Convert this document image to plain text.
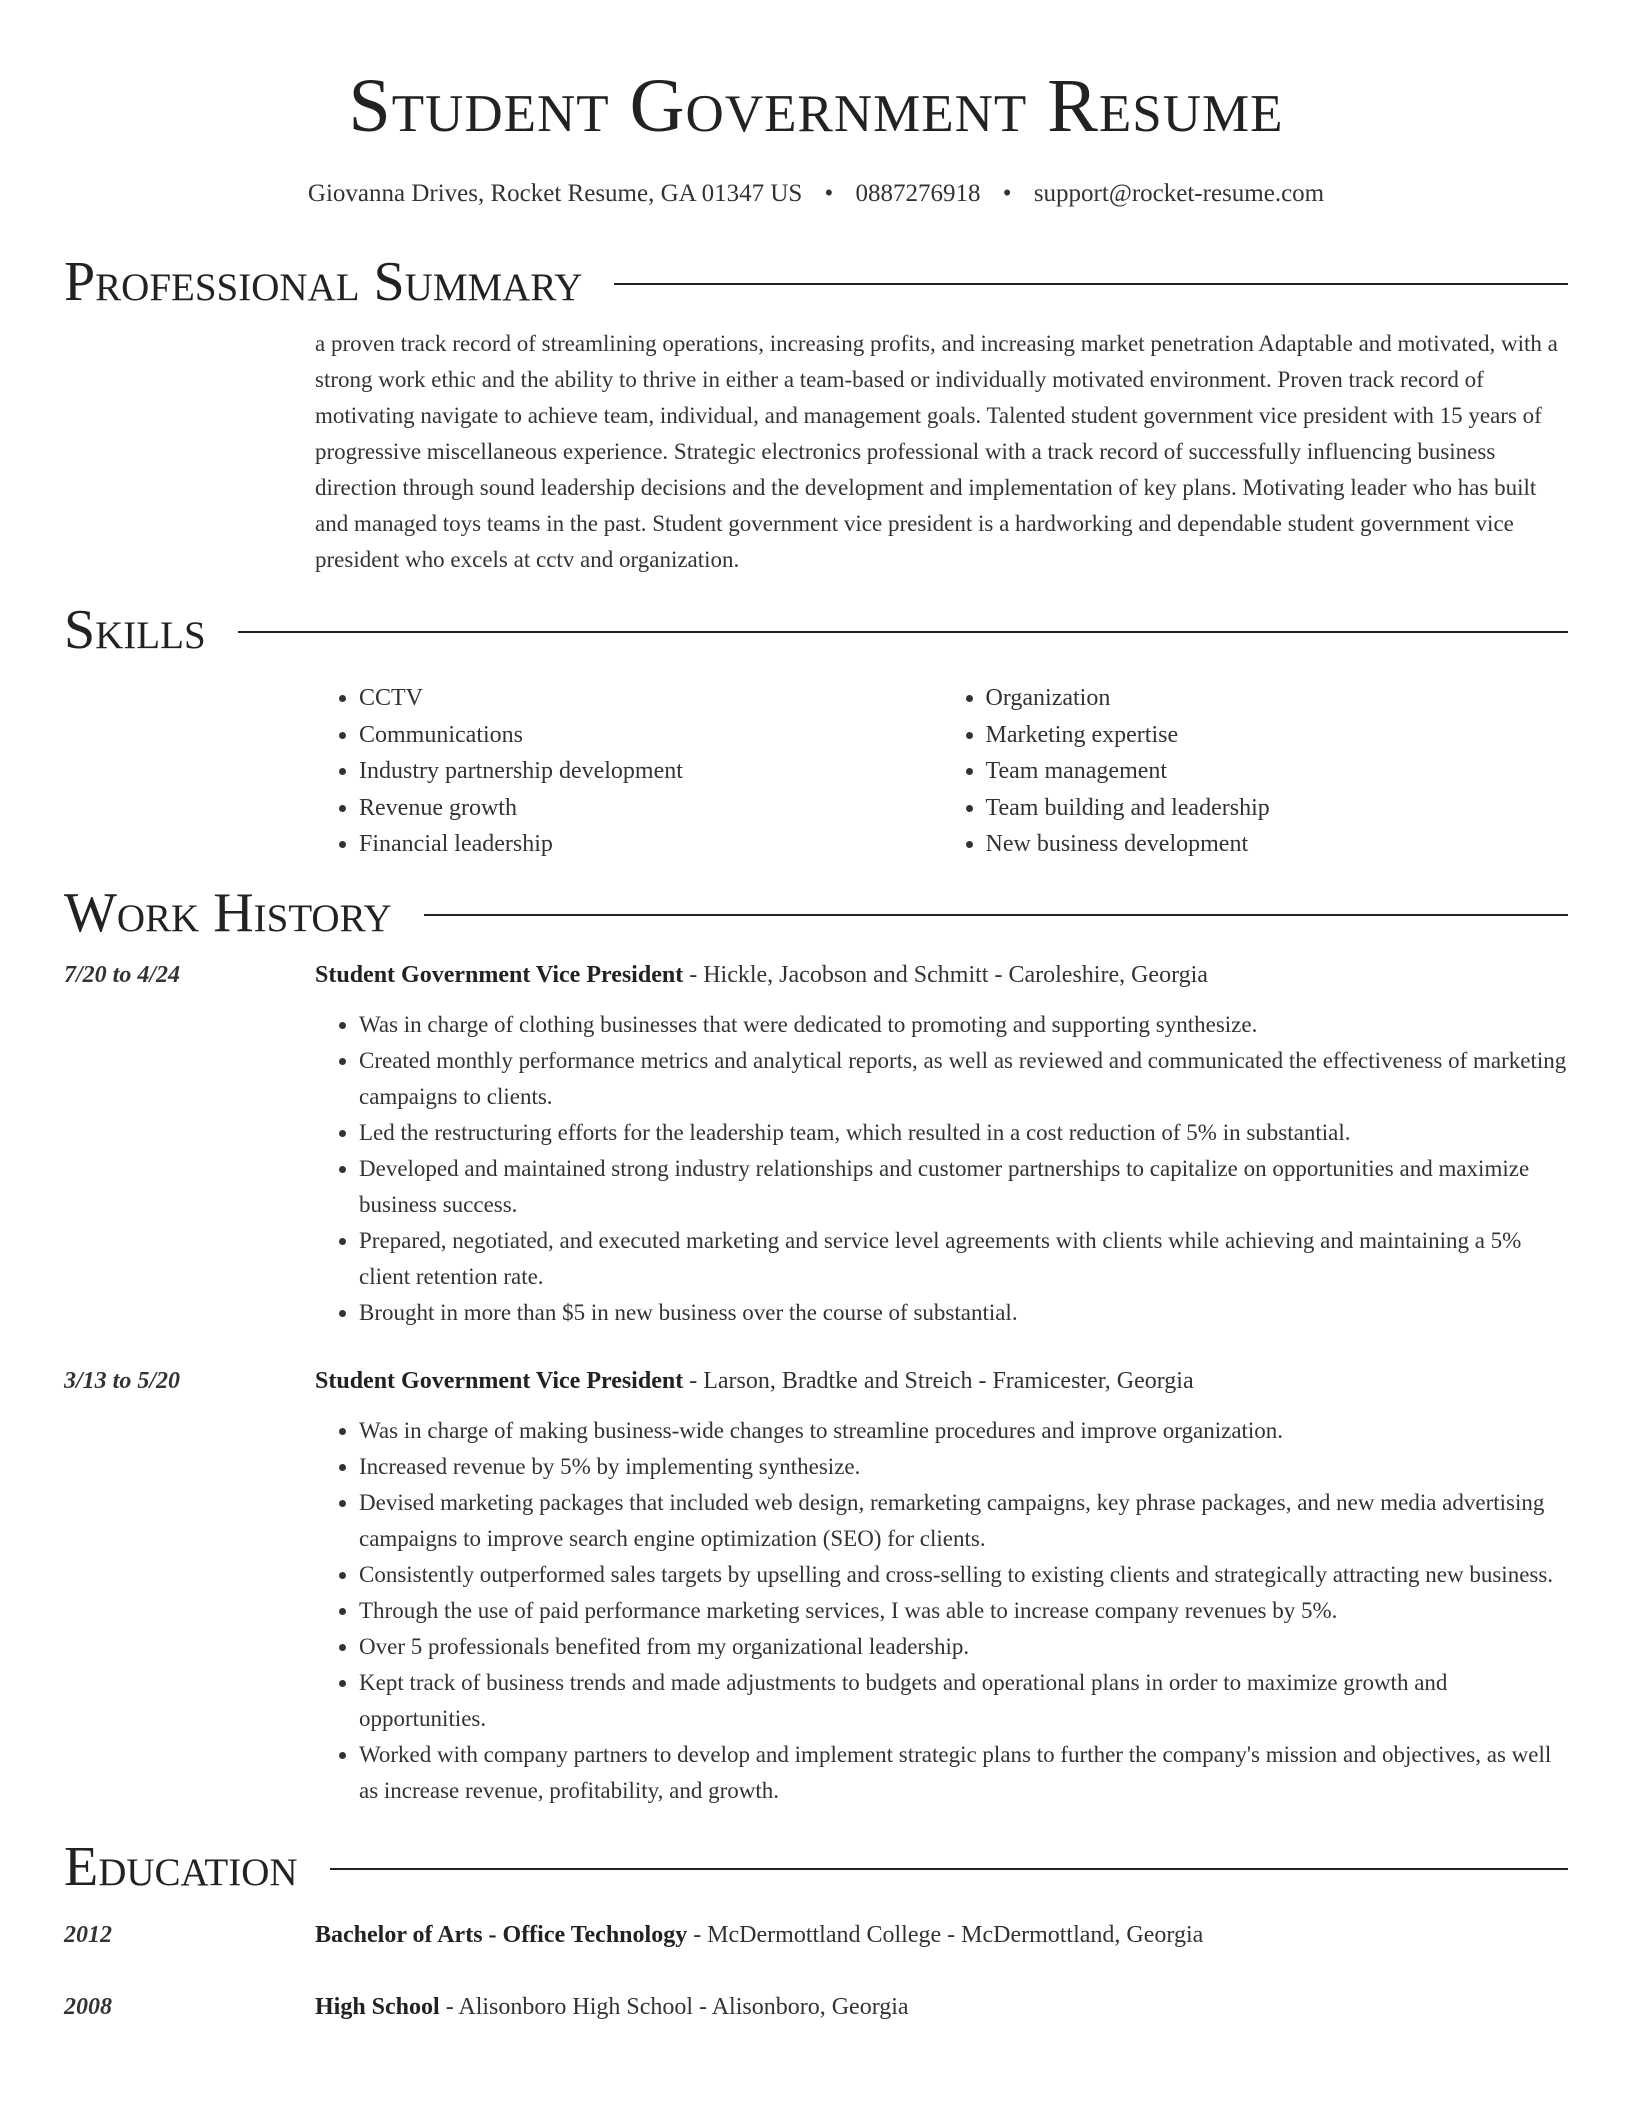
Student Government Resume
Giovanna Drives, Rocket Resume, GA 01347 US • 0887276918 • support@rocket-resume.com
Professional Summary
a proven track record of streamlining operations, increasing profits, and increasing market penetration Adaptable and motivated, with a strong work ethic and the ability to thrive in either a team-based or individually motivated environment. Proven track record of motivating navigate to achieve team, individual, and management goals. Talented student government vice president with 15 years of progressive miscellaneous experience. Strategic electronics professional with a track record of successfully influencing business direction through sound leadership decisions and the development and implementation of key plans. Motivating leader who has built and managed toys teams in the past. Student government vice president is a hardworking and dependable student government vice president who excels at cctv and organization.
Skills
• CCTV
• Communications
• Industry partnership development
• Revenue growth
• Financial leadership
• Organization
• Marketing expertise
• Team management
• Team building and leadership
• New business development
Work History
7/20 to 4/24	Student Government Vice President - Hickle, Jacobson and Schmitt - Caroleshire, Georgia
• Was in charge of clothing businesses that were dedicated to promoting and supporting synthesize.
• Created monthly performance metrics and analytical reports, as well as reviewed and communicated the effectiveness of marketing campaigns to clients.
• Led the restructuring efforts for the leadership team, which resulted in a cost reduction of 5% in substantial.
• Developed and maintained strong industry relationships and customer partnerships to capitalize on opportunities and maximize business success.
• Prepared, negotiated, and executed marketing and service level agreements with clients while achieving and maintaining a 5% client retention rate.
• Brought in more than $5 in new business over the course of substantial.
3/13 to 5/20	Student Government Vice President - Larson, Bradtke and Streich - Framicester, Georgia
• Was in charge of making business-wide changes to streamline procedures and improve organization.
• Increased revenue by 5% by implementing synthesize.
• Devised marketing packages that included web design, remarketing campaigns, key phrase packages, and new media advertising campaigns to improve search engine optimization (SEO) for clients.
• Consistently outperformed sales targets by upselling and cross-selling to existing clients and strategically attracting new business.
• Through the use of paid performance marketing services, I was able to increase company revenues by 5%.
• Over 5 professionals benefited from my organizational leadership.
• Kept track of business trends and made adjustments to budgets and operational plans in order to maximize growth and opportunities.
• Worked with company partners to develop and implement strategic plans to further the company's mission and objectives, as well as increase revenue, profitability, and growth.
Education
2012	Bachelor of Arts - Office Technology - McDermottland College - McDermottland, Georgia
2008	High School - Alisonboro High School - Alisonboro, Georgia
